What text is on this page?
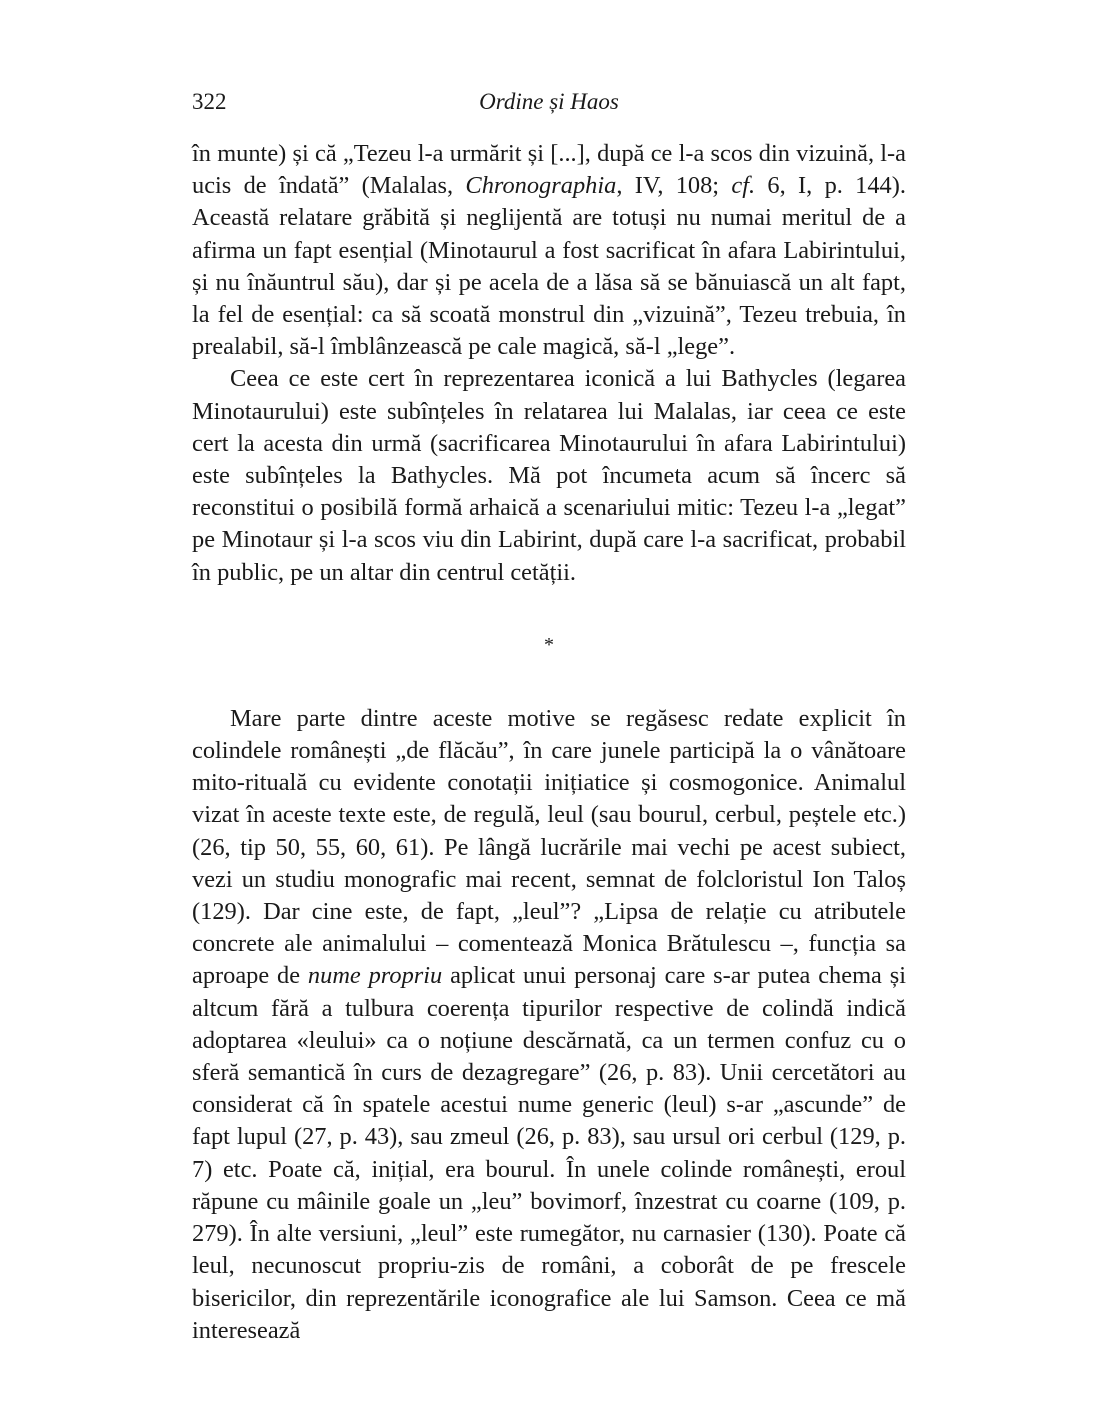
322	Ordine și Haos

în munte) și că „Tezeu l-a urmărit și [...], după ce l-a scos din vizuină, l-a ucis de îndată” (Malalas, Chronographia, IV, 108; cf. 6, I, p. 144). Această relatare grăbită și neglijentă are totuși nu numai meritul de a afirma un fapt esențial (Minotaurul a fost sacrificat în afara Labirintului, și nu înăuntrul său), dar și pe acela de a lăsa să se bănuiască un alt fapt, la fel de esențial: ca să scoată monstrul din „vizuină”, Tezeu trebuia, în prealabil, să-l îmblânzească pe cale magică, să-l „lege”.

Ceea ce este cert în reprezentarea iconică a lui Bathycles (legarea Minotaurului) este subînțeles în relatarea lui Malalas, iar ceea ce este cert la acesta din urmă (sacrificarea Minotaurului în afara Labirintului) este subînțeles la Bathycles. Mă pot încumeta acum să încerc să reconstitui o posibilă formă arhaică a scenariului mitic: Tezeu l-a „legat” pe Minotaur și l-a scos viu din Labirint, după care l-a sacrificat, probabil în public, pe un altar din centrul cetății.

*

Mare parte dintre aceste motive se regăsesc redate explicit în colindele românești „de flăcău”, în care junele participă la o vânătoare mito-rituală cu evidente conotații inițiatice și cosmogonice. Animalul vizat în aceste texte este, de regulă, leul (sau bourul, cerbul, peștele etc.) (26, tip 50, 55, 60, 61). Pe lângă lucrările mai vechi pe acest subiect, vezi un studiu monografic mai recent, semnat de folcloristul Ion Taloș (129). Dar cine este, de fapt, „leul”? „Lipsa de relație cu atributele concrete ale animalului – comentează Monica Brătulescu –, funcția sa aproape de nume propriu aplicat unui personaj care s-ar putea chema și altcum fără a tulbura coerența tipurilor respective de colindă indică adoptarea «leului» ca o noțiune descărnată, ca un termen confuz cu o sferă semantică în curs de dezagregare” (26, p. 83). Unii cercetători au considerat că în spatele acestui nume generic (leul) s-ar „ascunde” de fapt lupul (27, p. 43), sau zmeul (26, p. 83), sau ursul ori cerbul (129, p. 7) etc. Poate că, inițial, era bourul. În unele colinde românești, eroul răpune cu mâinile goale un „leu” bovimorf, înzestrat cu coarne (109, p. 279). În alte versiuni, „leul” este rumegător, nu carnasier (130). Poate că leul, necunoscut propriu-zis de români, a coborât de pe frescele bisericilor, din reprezentările iconografice ale lui Samson. Ceea ce mă interesează
